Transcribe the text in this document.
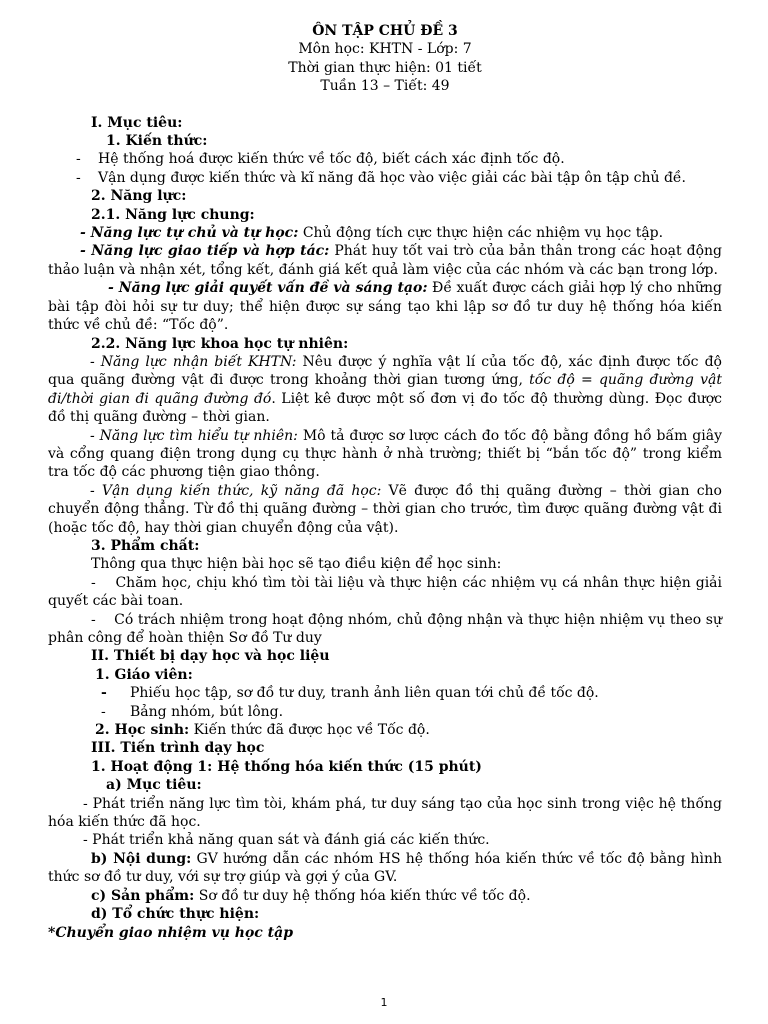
ÔN TẬP CHỦ ĐỀ 3

Môn học: KHTN - Lớp: 7

Thời gian thực hiện: 01 tiết

Tuần 13 – Tiết: 49

I. Mục tiêu:

1. Kiến thức:

- Hệ thống hoá được kiến thức về tốc độ, biết cách xác định tốc độ.

- Vận dụng được kiến thức và kĩ năng đã học vào việc giải các bài tập ôn tập chủ đề.

2. Năng lực:

2.1. Năng lực chung:

- Năng lực tự chủ và tự học: Chủ động tích cực thực hiện các nhiệm vụ học tập.

- Năng lực giao tiếp và hợp tác: Phát huy tốt vai trò của bản thân trong các hoạt động thảo luận và nhận xét, tổng kết, đánh giá kết quả làm việc của các nhóm và các bạn trong lớp.

- Năng lực giải quyết vấn đề và sáng tạo: Đề xuất được cách giải hợp lý cho những bài tập đòi hỏi sự tư duy; thể hiện được sự sáng tạo khi lập sơ đồ tư duy hệ thống hóa kiến thức về chủ đề: “Tốc độ”.

2.2. Năng lực khoa học tự nhiên:

- Năng lực nhận biết KHTN: Nêu được ý nghĩa vật lí của tốc độ, xác định được tốc độ qua quãng đường vật đi được trong khoảng thời gian tương ứng, tốc độ = quãng đường vật đi/thời gian đi quãng đường đó. Liệt kê được một số đơn vị đo tốc độ thường dùng. Đọc được đồ thị quãng đường – thời gian.

- Năng lực tìm hiểu tự nhiên: Mô tả được sơ lược cách đo tốc độ bằng đồng hồ bấm giây và cổng quang điện trong dụng cụ thực hành ở nhà trường; thiết bị “bắn tốc độ” trong kiểm tra tốc độ các phương tiện giao thông.

- Vận dụng kiến thức, kỹ năng đã học: Vẽ được đồ thị quãng đường – thời gian cho chuyển động thẳng. Từ đồ thị quãng đường – thời gian cho trước, tìm được quãng đường vật đi (hoặc tốc độ, hay thời gian chuyển động của vật).

3. Phẩm chất:

Thông qua thực hiện bài học sẽ tạo điều kiện để học sinh:

-    Chăm học, chịu khó tìm tòi tài liệu và thực hiện các nhiệm vụ cá nhân thực hiện giải quyết các bài toan.

-    Có trách nhiệm trong hoạt động nhóm, chủ động nhận và thực hiện nhiệm vụ theo sự phân công để hoàn thiện Sơ đồ Tư duy

II. Thiết bị dạy học và học liệu

1. Giáo viên:

- Phiếu học tập, sơ đồ tư duy, tranh ảnh liên quan tới chủ đề tốc độ.

- Bảng nhóm, bút lông.

2. Học sinh: Kiến thức đã được học về Tốc độ.

III. Tiến trình dạy học

1. Hoạt động 1: Hệ thống hóa kiến thức (15 phút)

a) Mục tiêu:

- Phát triển năng lực tìm tòi, khám phá, tư duy sáng tạo của học sinh trong việc hệ thống hóa kiến thức đã học.

- Phát triển khả năng quan sát và đánh giá các kiến thức.

b) Nội dung: GV hướng dẫn các nhóm HS hệ thống hóa kiến thức về tốc độ bằng hình thức sơ đồ tư duy, với sự trợ giúp và gợi ý của GV.

c) Sản phẩm: Sơ đồ tư duy hệ thống hóa kiến thức về tốc độ.

d) Tổ chức thực hiện:

*Chuyển giao nhiệm vụ học tập

1
